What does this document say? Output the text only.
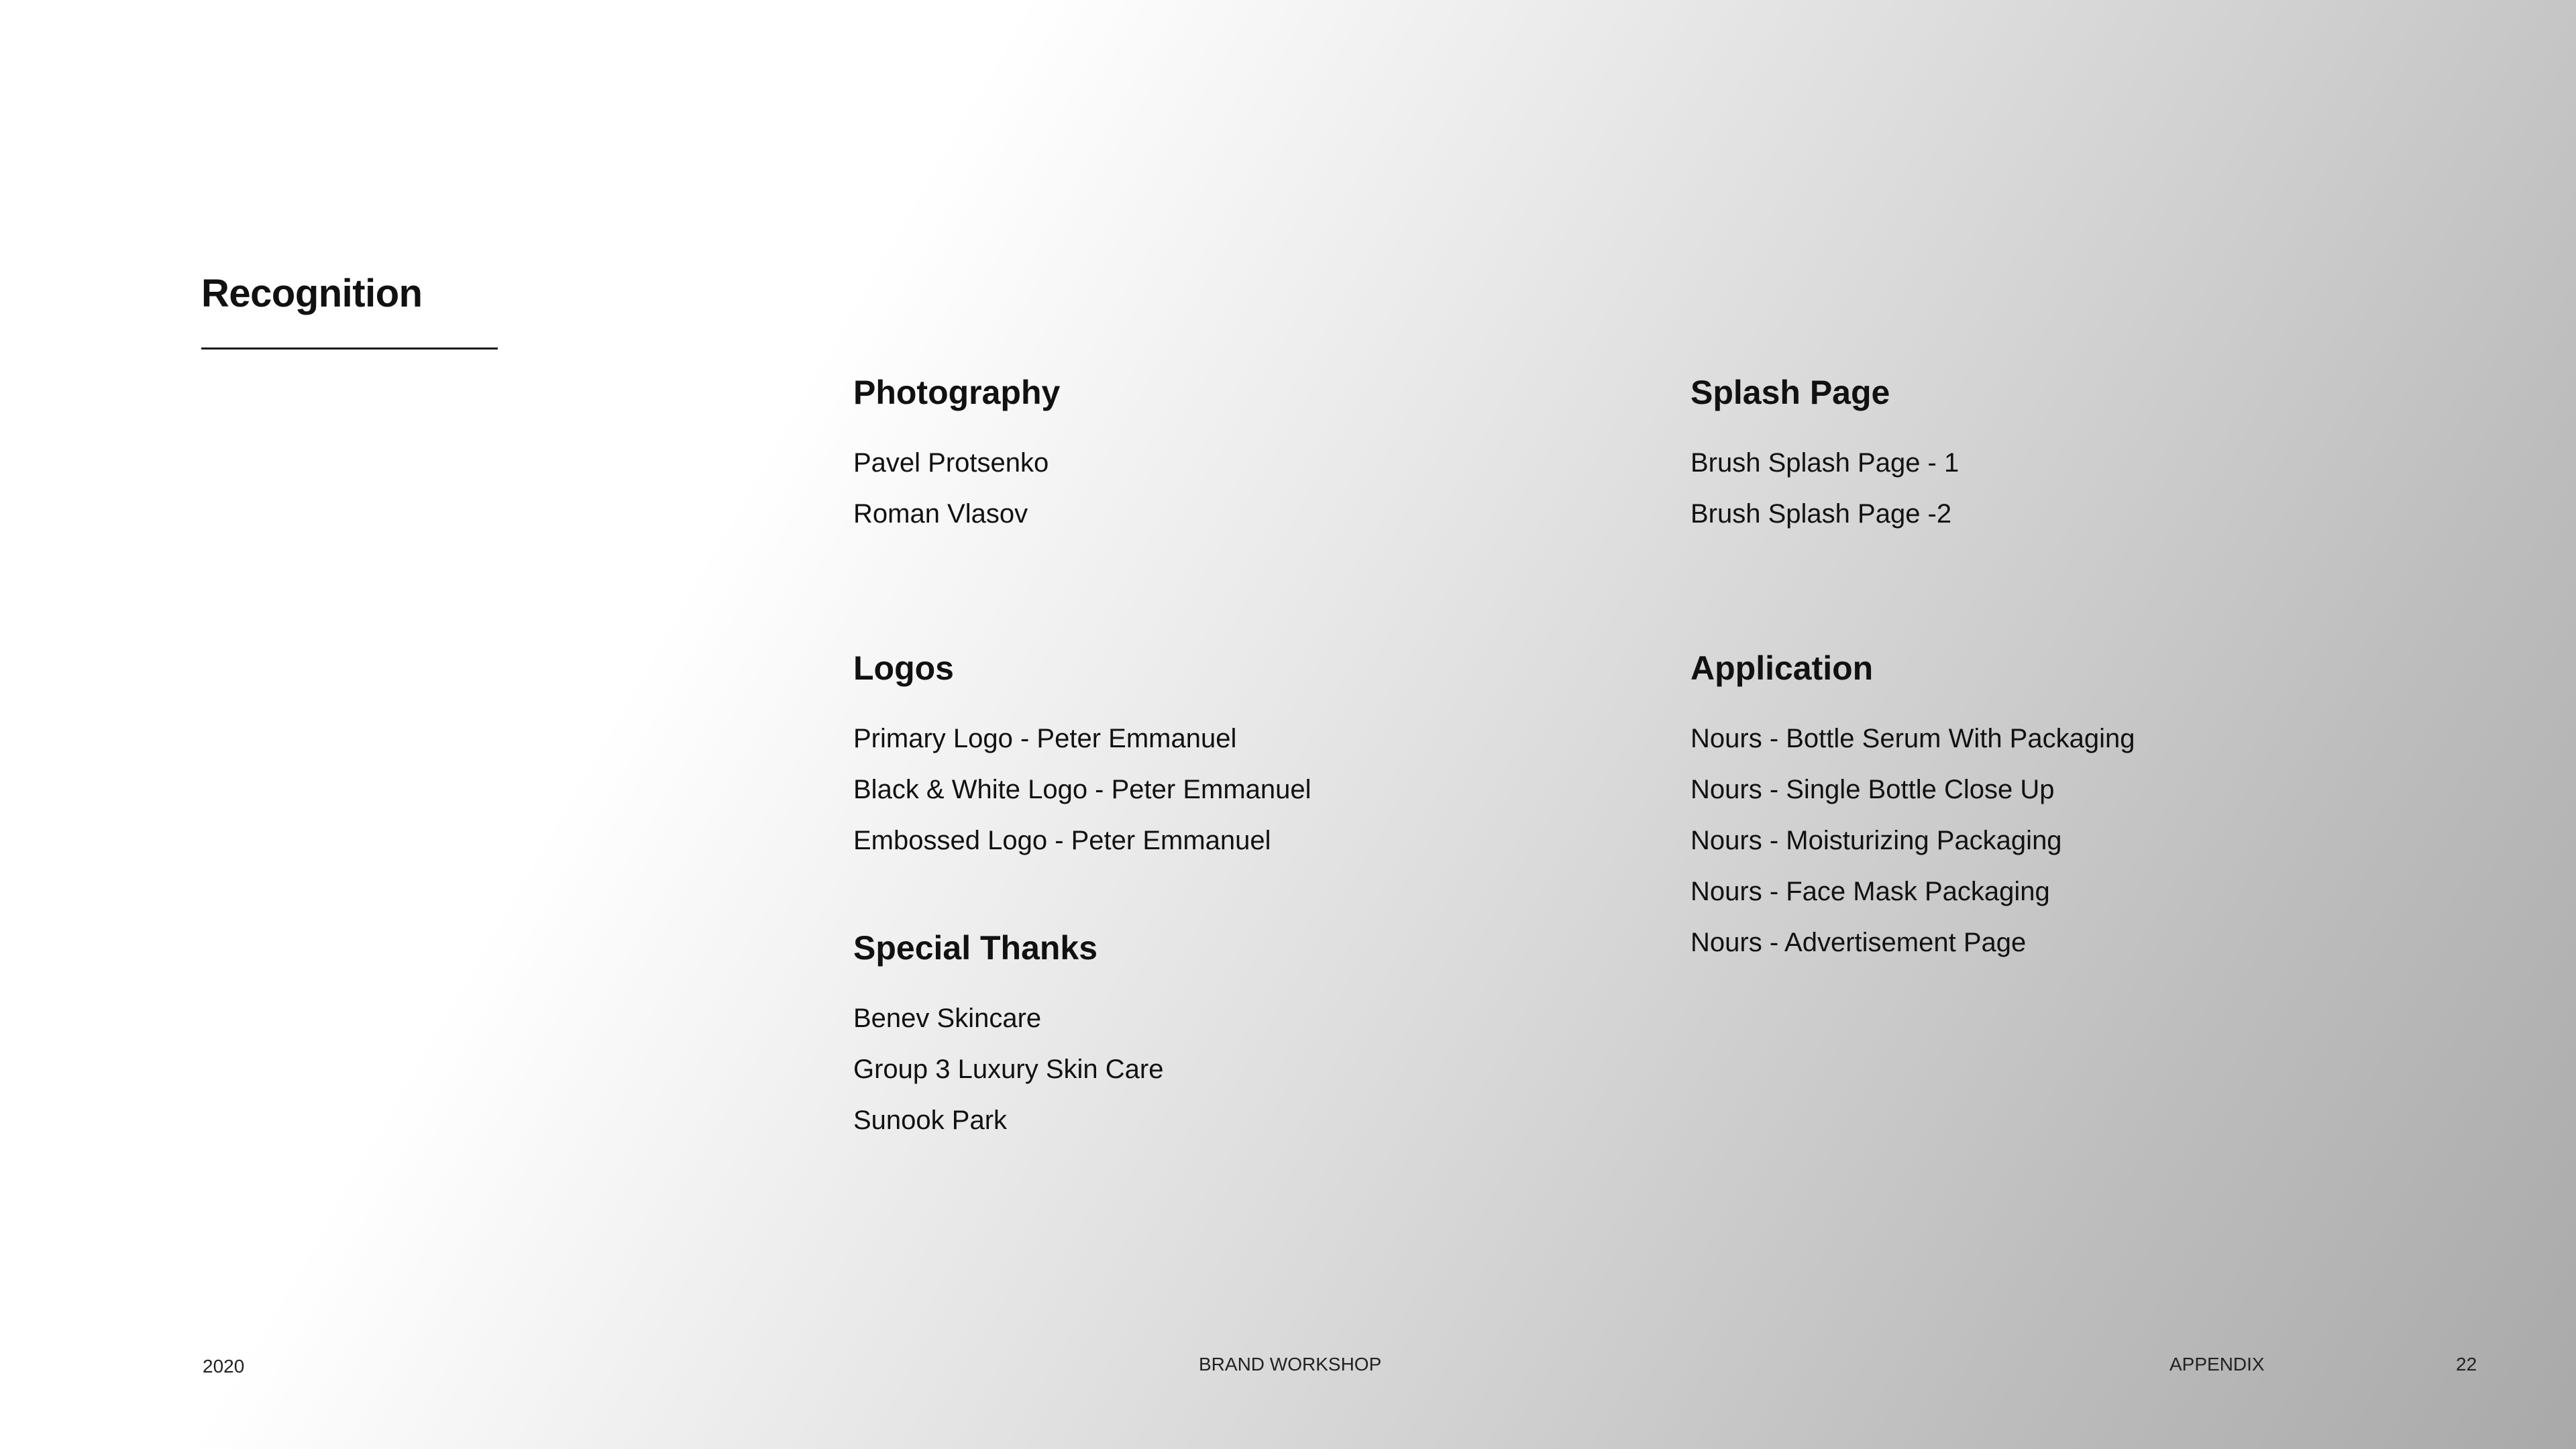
Recognition
Photography
Pavel Protsenko
Roman Vlasov
Splash Page
Brush Splash Page - 1
Brush Splash Page -2
Logos
Primary Logo - Peter Emmanuel
Black & White Logo - Peter Emmanuel
Embossed Logo - Peter Emmanuel
Application
Nours - Bottle Serum With Packaging
Nours - Single Bottle Close Up
Nours - Moisturizing Packaging
Nours - Face Mask Packaging
Nours - Advertisement Page
Special Thanks
Benev Skincare
Group 3 Luxury Skin Care
Sunook Park
2020	BRAND WORKSHOP	APPENDIX	22
